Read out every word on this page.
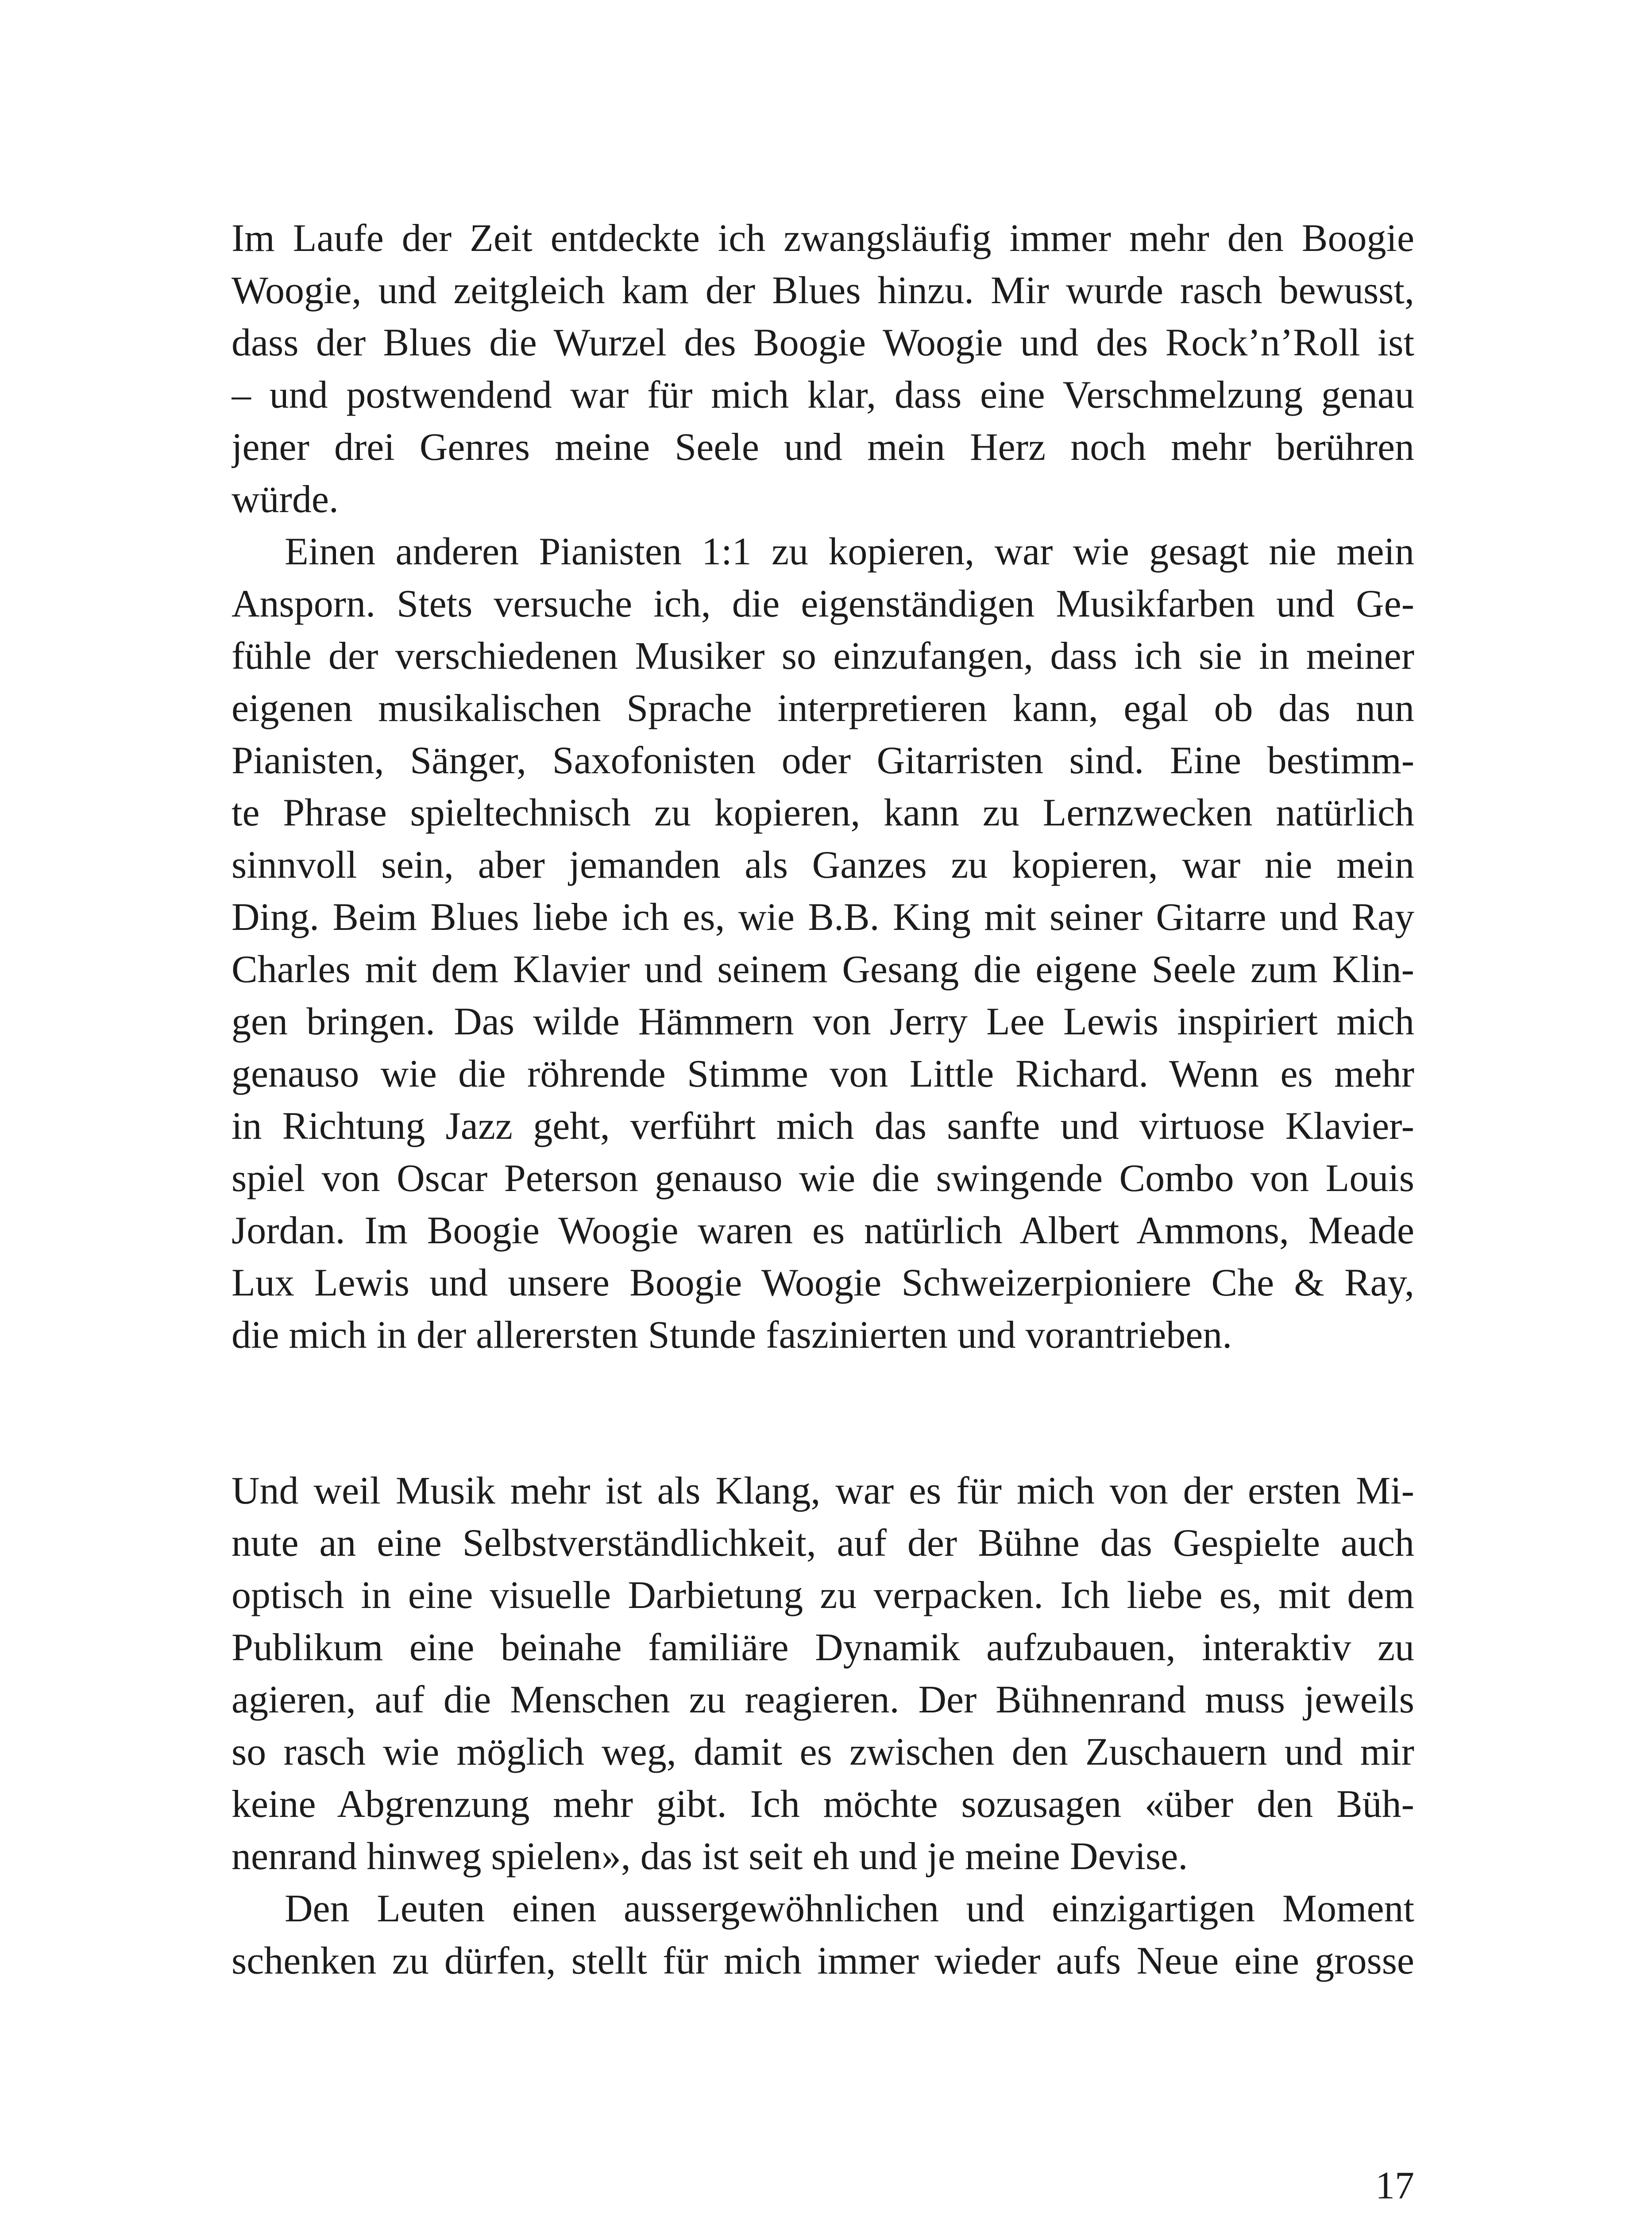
Im Laufe der Zeit entdeckte ich zwangsläufig immer mehr den Boogie
Woogie, und zeitgleich kam der Blues hinzu. Mir wurde rasch bewusst,
dass der Blues die Wurzel des Boogie Woogie und des Rock’n’Roll ist
– und postwendend war für mich klar, dass eine Verschmelzung genau
jener drei Genres meine Seele und mein Herz noch mehr berühren
würde.
Einen anderen Pianisten 1:1 zu kopieren, war wie gesagt nie mein
Ansporn. Stets versuche ich, die eigenständigen Musikfarben und Ge-
fühle der verschiedenen Musiker so einzufangen, dass ich sie in meiner
eigenen musikalischen Sprache interpretieren kann, egal ob das nun
Pianisten, Sänger, Saxofonisten oder Gitarristen sind. Eine bestimm-
te Phrase spieltechnisch zu kopieren, kann zu Lernzwecken natürlich
sinnvoll sein, aber jemanden als Ganzes zu kopieren, war nie mein
Ding. Beim Blues liebe ich es, wie B.B. King mit seiner Gitarre und Ray
Charles mit dem Klavier und seinem Gesang die eigene Seele zum Klin-
gen bringen. Das wilde Hämmern von Jerry Lee Lewis inspiriert mich
genauso wie die röhrende Stimme von Little Richard. Wenn es mehr
in Richtung Jazz geht, verführt mich das sanfte und virtuose Klavier-
spiel von Oscar Peterson genauso wie die swingende Combo von Louis
Jordan. Im Boogie Woogie waren es natürlich Albert Ammons, Meade
Lux Lewis und unsere Boogie Woogie Schweizerpioniere Che & Ray,
die mich in der allerersten Stunde faszinierten und vorantrieben.
Und weil Musik mehr ist als Klang, war es für mich von der ersten Mi-
nute an eine Selbstverständlichkeit, auf der Bühne das Gespielte auch
optisch in eine visuelle Darbietung zu verpacken. Ich liebe es, mit dem
Publikum eine beinahe familiäre Dynamik aufzubauen, interaktiv zu
agieren, auf die Menschen zu reagieren. Der Bühnenrand muss jeweils
so rasch wie möglich weg, damit es zwischen den Zuschauern und mir
keine Abgrenzung mehr gibt. Ich möchte sozusagen «über den Büh-
nenrand hinweg spielen», das ist seit eh und je meine Devise.
Den Leuten einen aussergewöhnlichen und einzigartigen Moment
schenken zu dürfen, stellt für mich immer wieder aufs Neue eine grosse
17
